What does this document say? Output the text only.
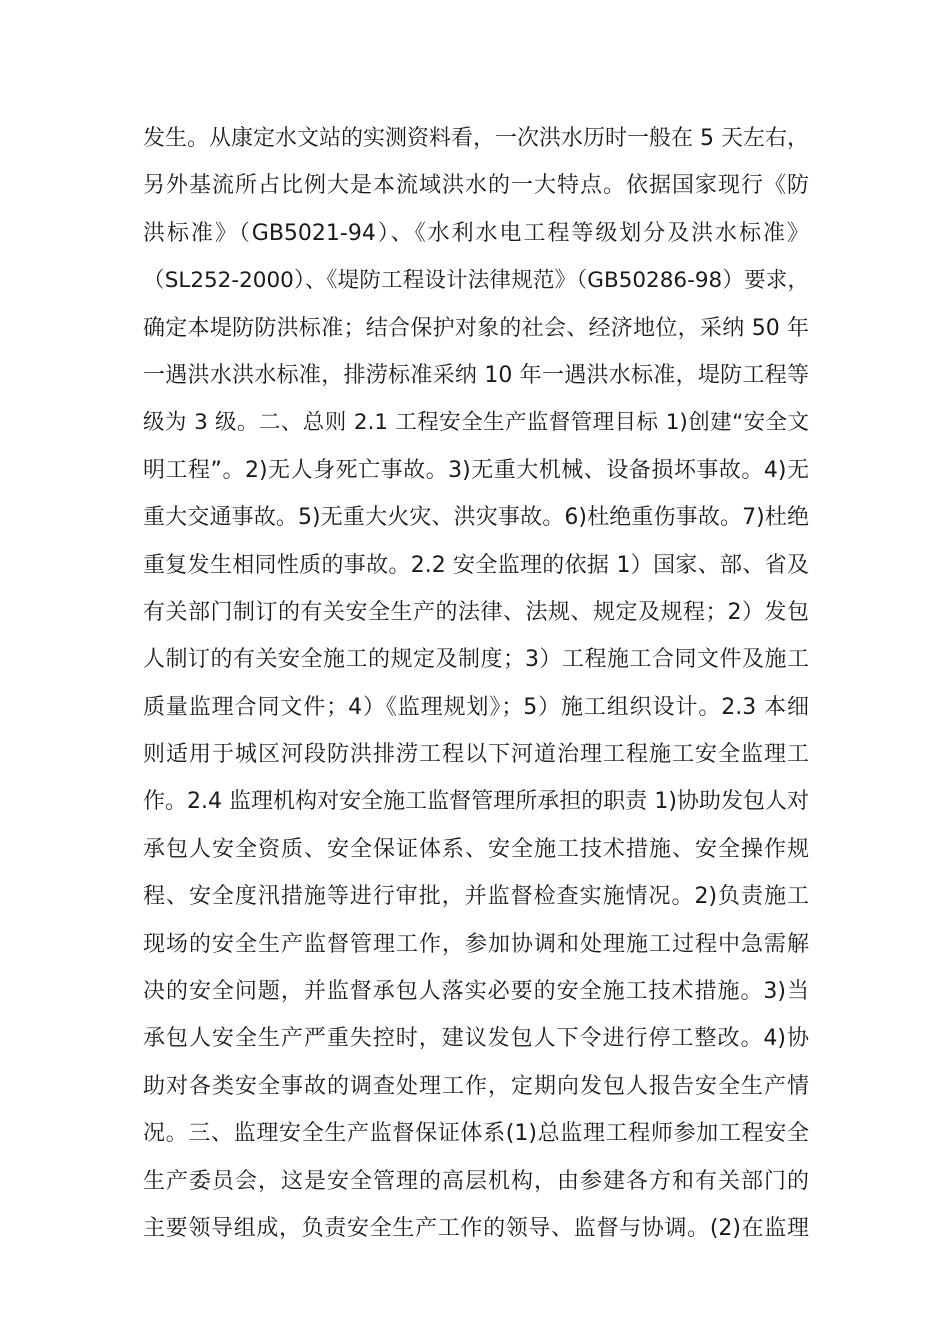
发生。从康定水文站的实测资料看，一次洪水历时一般在 5 天左右，
另外基流所占比例大是本流域洪水的一大特点。依据国家现行《防
洪标准》（GB5021-94）、《水利水电工程等级划分及洪水标准》
（SL252-2000）、《堤防工程设计法律规范》（GB50286-98）要求，
确定本堤防防洪标准；结合保护对象的社会、经济地位，采纳 50 年
一遇洪水洪水标准，排涝标准采纳 10 年一遇洪水标准，堤防工程等
级为 3 级。二、总则 2.1 工程安全生产监督管理目标 1)创建“安全文
明工程”。2)无人身死亡事故。3)无重大机械、设备损坏事故。4)无
重大交通事故。5)无重大火灾、洪灾事故。6)杜绝重伤事故。7)杜绝
重复发生相同性质的事故。2.2 安全监理的依据 1）国家、部、省及
有关部门制订的有关安全生产的法律、法规、规定及规程；2）发包
人制订的有关安全施工的规定及制度；3）工程施工合同文件及施工
质量监理合同文件；4）《监理规划》；5）施工组织设计。2.3 本细
则适用于城区河段防洪排涝工程以下河道治理工程施工安全监理工
作。2.4 监理机构对安全施工监督管理所承担的职责 1)协助发包人对
承包人安全资质、安全保证体系、安全施工技术措施、安全操作规
程、安全度汛措施等进行审批，并监督检查实施情况。2)负责施工
现场的安全生产监督管理工作，参加协调和处理施工过程中急需解
决的安全问题，并监督承包人落实必要的安全施工技术措施。3)当
承包人安全生产严重失控时，建议发包人下令进行停工整改。4)协
助对各类安全事故的调查处理工作，定期向发包人报告安全生产情
况。三、监理安全生产监督保证体系(1)总监理工程师参加工程安全
生产委员会，这是安全管理的高层机构，由参建各方和有关部门的
主要领导组成，负责安全生产工作的领导、监督与协调。(2)在监理
